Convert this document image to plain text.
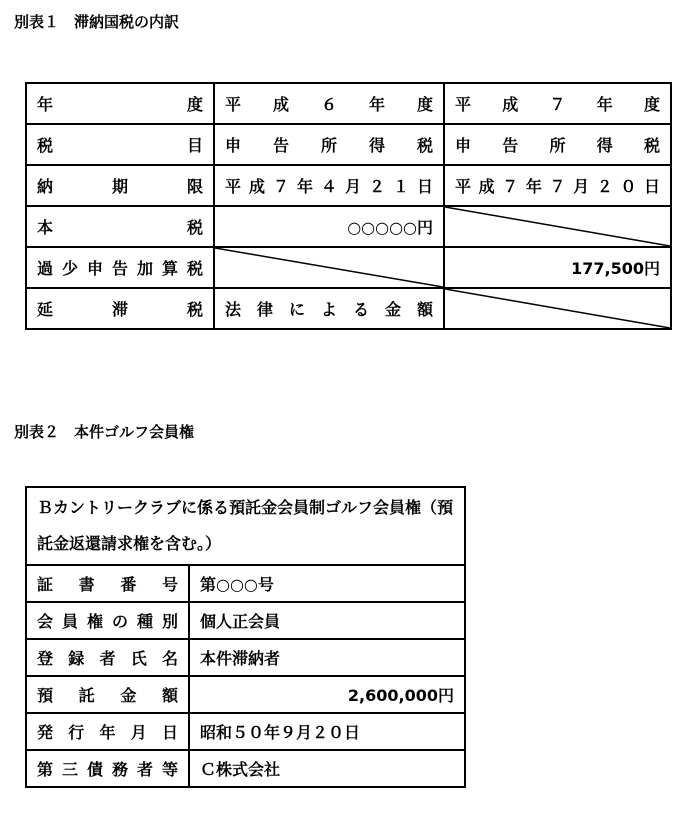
別表１　滞納国税の内訳
年　度	平成６年度	平成７年度
税　目	申告所得税	申告所得税
納期限	平成７年４月２１日	平成７年７月２０日
本　税	○○○○○円	
過少申告加算税		177,500円
延滞税	法律による金額	
別表２　本件ゴルフ会員権
Ｂカントリークラブに係る預託金会員制ゴルフ会員権（預託金返還請求権を含む。）	
証書番号	第○○○号
会員権の種別	個人正会員
登録者氏名	本件滞納者
預託金額	2,600,000円
発行年月日	昭和５０年９月２０日
第三債務者等	Ｃ株式会社
